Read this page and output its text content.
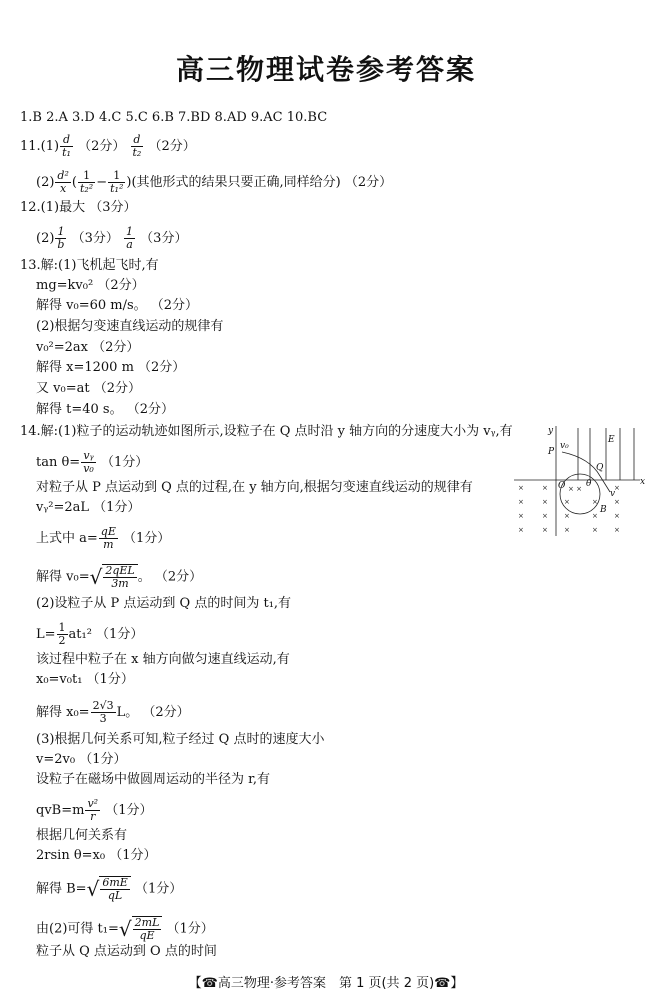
高三物理试卷参考答案
1.B 2.A 3.D 4.C 5.C 6.B 7.BD 8.AD 9.AC 10.BC
$11.(1) \frac{d}{\text{t₁}} (2$分） $\frac{d}{\text{t₂}} (2$分）
$(2) \frac{\text{d²}}{x}$ ( $\frac{1}{\text{t₂²}} - \frac{1}{\text{t₁²}}$ )(其他形式的结果只要正确,同样给分) （2分）
12.(1)最大 （3分）
$(2) \frac{1}{b} (3$分） $\frac{1}{a} (3$分）
13.解:(1)飞机起飞时,有
mg=kv₀² （2分）
解得 v₀=60 m/s。 （2分）
(2)根据匀变速直线运动的规律有
v₀²=2ax （2分）
解得 x=1200 m （2分）
又 v₀=at （2分）
解得 t=40 s。 （2分）
14.解:(1)粒子的运动轨迹如图所示,设粒子在 Q 点时沿 y 轴方向的分速度大小为 vᵧ,有
$\tan \theta= \frac{\text{vᵧ}}{\text{v₀}} (1$分）
对粒子从 P 点运动到 Q 点的过程,在 y 轴方向,根据匀变速直线运动的规律有
vᵧ²=2aL （1分）
上式中 $a= \frac{qE}{m} (1$分）
解得 $v_0=√ \frac{\text{2qEL}}{3m}$ 。 （2分）
(2)设粒子从 P 点运动到 Q 点的时间为 t₁,有
$L= \frac{1}{2} at_1^2$ （1分）
该过程中粒子在 x 轴方向做匀速直线运动,有
x₀=v₀t₁ （1分）
解得 $x_0= \frac{2√3}{3}$ L。 （2分）
(3)根据几何关系可知,粒子经过 Q 点时的速度大小
v=2v₀ （1分）
设粒子在磁场中做圆周运动的半径为 r,有
$qvB=m \frac{\text{v²}}{r} (1$分）
根据几何关系有
2rsin θ=x₀ （1分）
解得 $B=√ \frac{6mE}{qL} (1$分）
由(2)可得 $t_1=√ \frac{2mL}{qE} (1$分）
粒子从 Q 点运动到 O 点的时间
× ×
×	×	×
×	× ×	× ×
×	× ×	× ×
×	× ×	× ×
y
x
v₀
E
P
Q
O θ
B
v
【☎高三物理·参考答案　第 1 页(共 2 页)☎】
